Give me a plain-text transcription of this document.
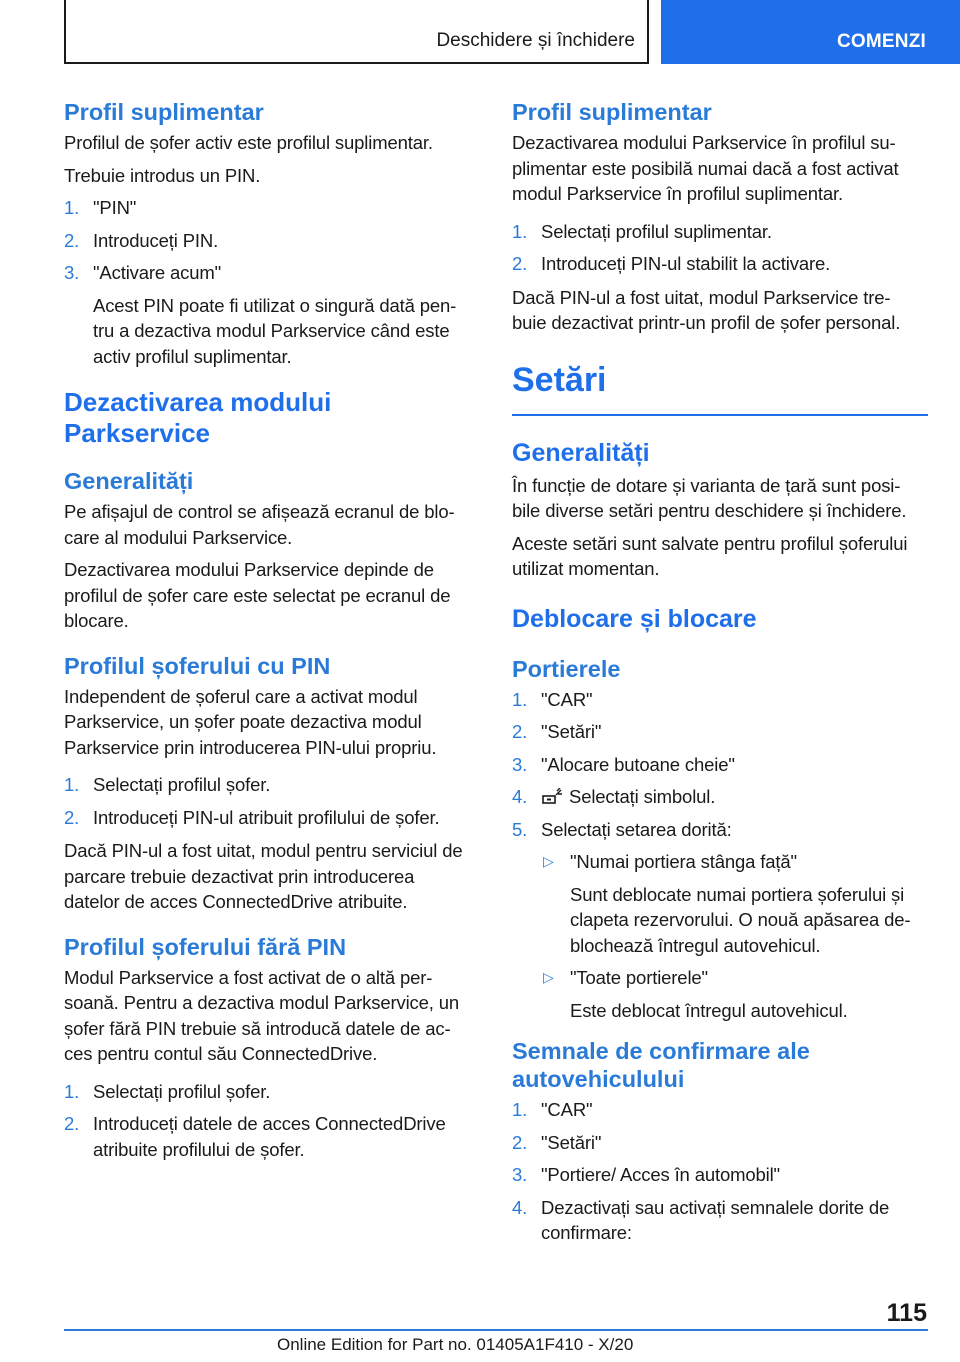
Deschidere și închidere	COMENZI
Profil suplimentar

Profilul de șofer activ este profilul suplimentar.

Trebuie introdus un PIN.

1. "PIN"
2. Introduceți PIN.
3. "Activare acum"
Acest PIN poate fi utilizat o singură dată pen- tru a dezactiva modul Parkservice când este activ profilul suplimentar.
Dezactivarea modului Parkservice
Generalități

Pe afișajul de control se afișează ecranul de blo- care al modului Parkservice.

Dezactivarea modului Parkservice depinde de profilul de șofer care este selectat pe ecranul de blocare.

Profilul șoferului cu PIN

Independent de șoferul care a activat modul Parkservice, un șofer poate dezactiva modul Parkservice prin introducerea PIN-ului propriu.

1. Selectați profilul șofer.
2. Introduceți PIN-ul atribuit profilului de șofer.

Dacă PIN-ul a fost uitat, modul pentru serviciul de parcare trebuie dezactivat prin introducerea datelor de acces ConnectedDrive atribuite.

Profilul șoferului fără PIN

Modul Parkservice a fost activat de o altă per- soană. Pentru a dezactiva modul Parkservice, un șofer fără PIN trebuie să introducă datele de ac- ces pentru contul său ConnectedDrive.

1. Selectați profilul șofer.
2. Introduceți datele de acces ConnectedDrive atribuite profilului de șofer.
Profil suplimentar

Dezactivarea modului Parkservice în profilul su- plimentar este posibilă numai dacă a fost activat modul Parkservice în profilul suplimentar.

1. Selectați profilul suplimentar.
2. Introduceți PIN-ul stabilit la activare.

Dacă PIN-ul a fost uitat, modul Parkservice tre- buie dezactivat printr-un profil de șofer personal.

Setări
Generalități

În funcție de dotare și varianta de țară sunt posi- bile diverse setări pentru deschidere și închidere.

Aceste setări sunt salvate pentru profilul șoferului utilizat momentan.

Deblocare și blocare
Portierele
1. "CAR"
2. "Setări"
3. "Alocare butoane cheie"
4. Selectați simbolul.
5. Selectați setarea dorită:
▷ "Numai portiera stânga față"
Sunt deblocate numai portiera șoferului și clapeta rezervorului. O nouă apăsarea de- blochează întregul autovehicul.
▷ "Toate portierele"
Este deblocat întregul autovehicul.
Semnale de confirmare ale autovehiculului
1. "CAR"
2. "Setări"
3. "Portiere/ Acces în automobil"
4. Dezactivați sau activați semnalele dorite de confirmare:
115
Online Edition for Part no. 01405A1F410 - X/20
